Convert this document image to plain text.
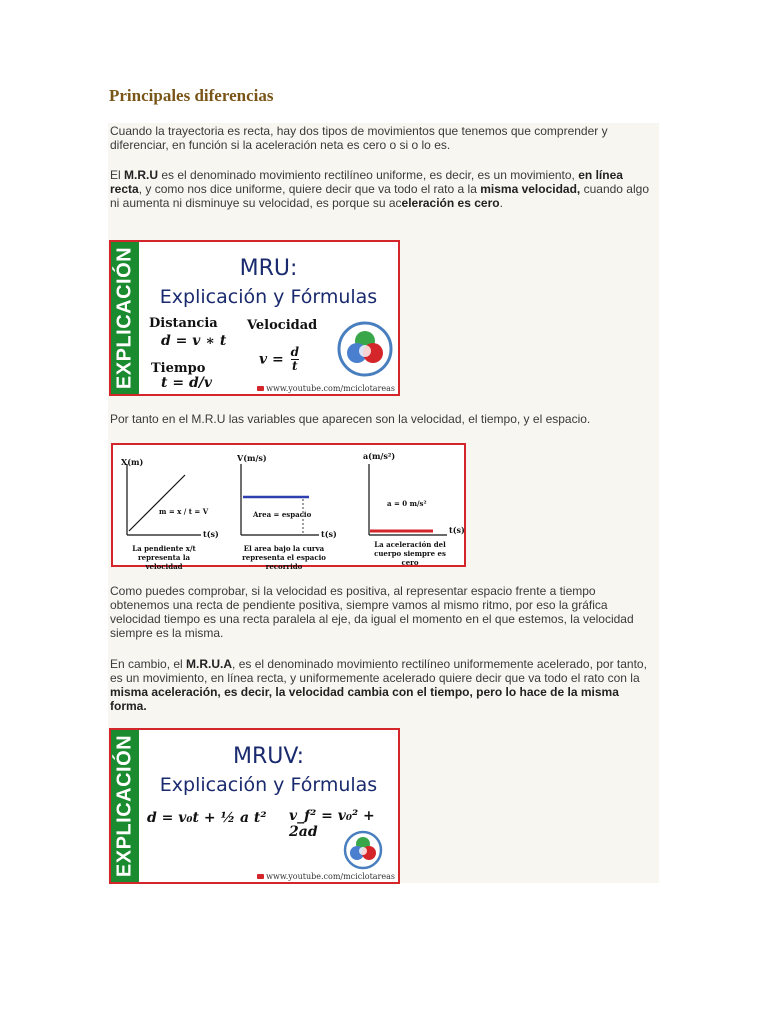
Principales diferencias
Cuando la trayectoria es recta, hay dos tipos de movimientos que tenemos que comprender y diferenciar, en función si la aceleración neta es cero o si o lo es.
El M.R.U es el denominado movimiento rectilíneo uniforme, es decir, es un movimiento, en línea recta, y como nos dice uniforme, quiere decir que va todo el rato a la misma velocidad, cuando algo ni aumenta ni disminuye su velocidad, es porque su aceleración es cero.
EXPLICACIÓN	MRU:
Explicación y Fórmulas
Distancia
d = v ∗ t
Velocidad
$v = \frac{d}{t}$
Tiempo
t = d/v	www.youtube.com/mciclotareas
Por tanto en el M.R.U las variables que aparecen son la velocidad, el tiempo, y el espacio.
X(m)
t(s)
m = x / t = V
La pendiente x/t representa la velocidad
V(m/s)
t(s)
Area = espacio
El area bajo la curva representa el espacio recorrido
a(m/s²)
t(s)
a = 0 m/s²
La aceleración del cuerpo siempre es cero
Como puedes comprobar, si la velocidad es positiva, al representar espacio frente a tiempo obtenemos una recta de pendiente positiva, siempre vamos al mismo ritmo, por eso la gráfica velocidad tiempo es una recta paralela al eje, da igual el momento en el que estemos, la velocidad siempre es la misma.
En cambio, el M.R.U.A, es el denominado movimiento rectilíneo uniformemente acelerado, por tanto, es un movimiento, en línea recta, y uniformemente acelerado quiere decir que va todo el rato con la misma aceleración, es decir, la velocidad cambia con el tiempo, pero lo hace de la misma forma.
EXPLICACIÓN	MRUV:
Explicación y Fórmulas
d = v₀t + ½ a t² v_f² = v₀² + 2ad
www.youtube.com/mciclotareas
